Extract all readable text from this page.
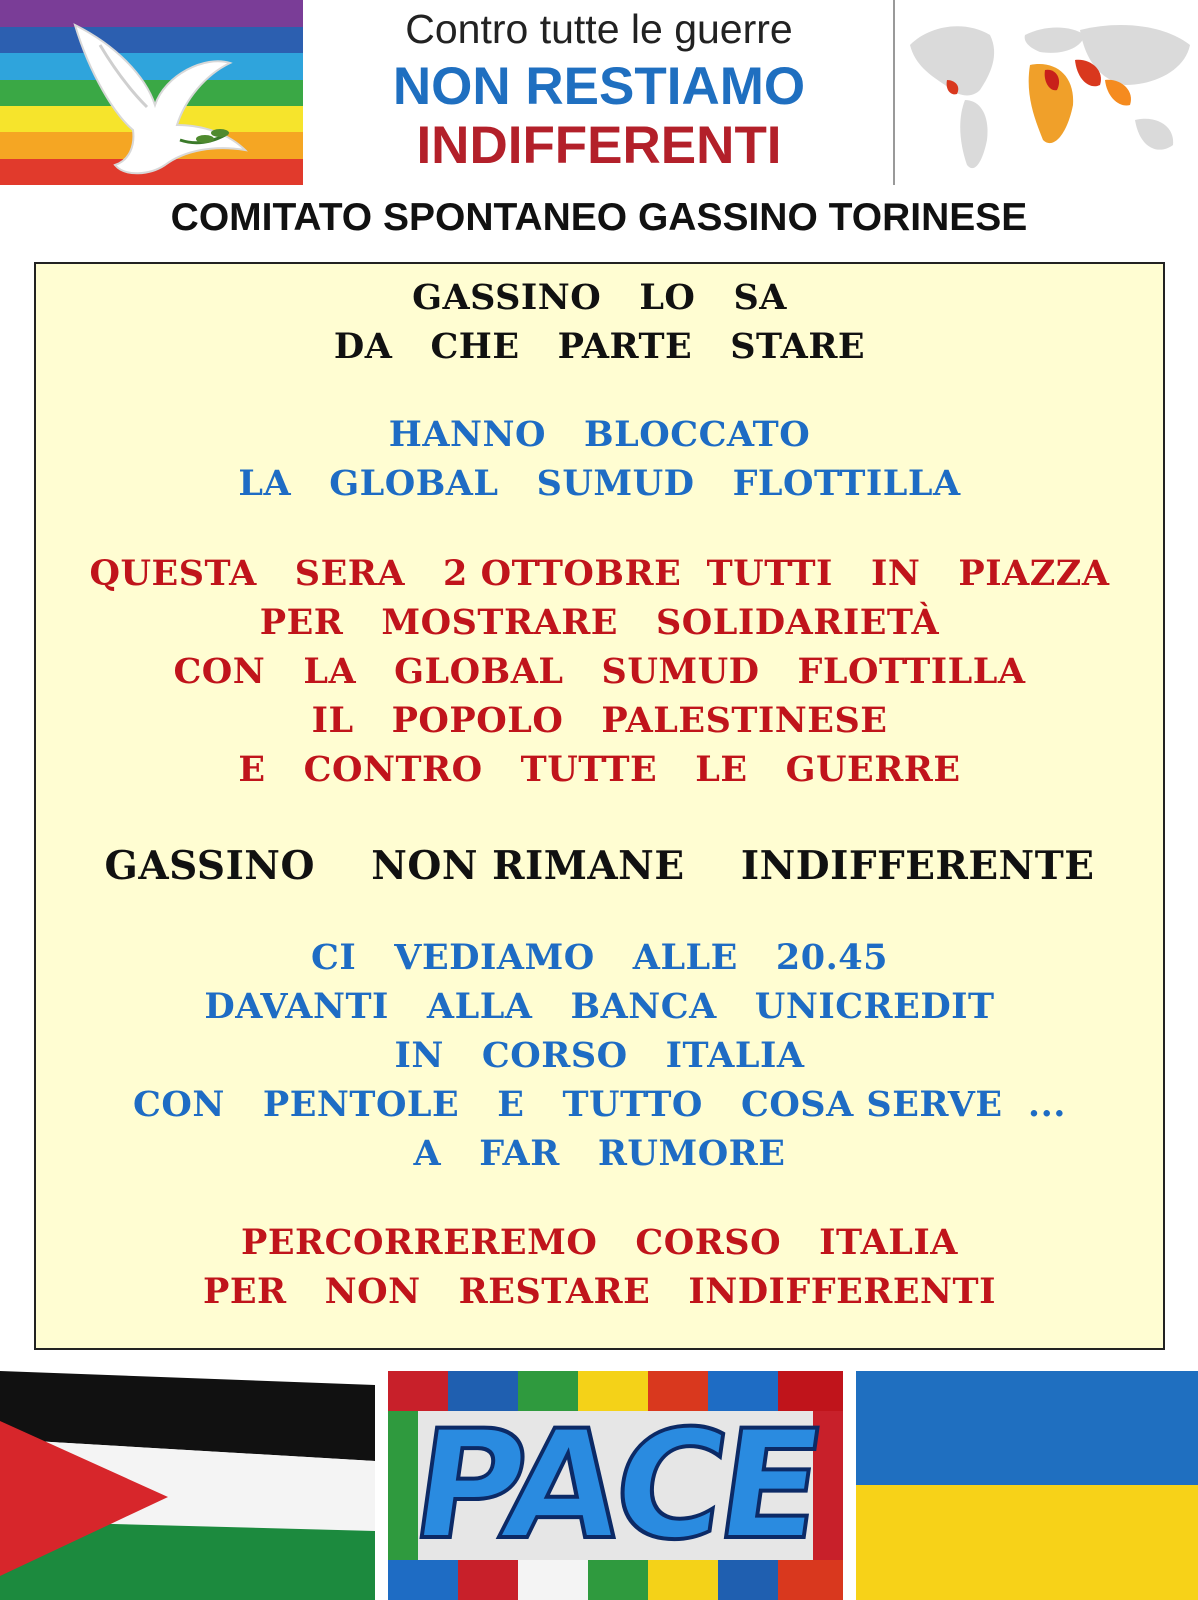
Contro tutte le guerre
NON RESTIAMO
INDIFFERENTI
COMITATO SPONTANEO GASSINO TORINESE
GASSINO   LO   SA
DA   CHE   PARTE   STARE
HANNO   BLOCCATO
LA   GLOBAL   SUMUD   FLOTTILLA
QUESTA   SERA   2 OTTOBRE  TUTTI   IN   PIAZZA
PER   MOSTRARE   SOLIDARIETÀ
CON   LA   GLOBAL   SUMUD   FLOTTILLA
IL   POPOLO   PALESTINESE
E   CONTRO   TUTTE   LE   GUERRE
GASSINO    NON RIMANE    INDIFFERENTE
CI   VEDIAMO   ALLE   20.45
DAVANTI   ALLA   BANCA   UNICREDIT
IN   CORSO   ITALIA
CON   PENTOLE   E   TUTTO   COSA SERVE  ...
A   FAR   RUMORE
PERCORREREMO   CORSO   ITALIA
PER   NON   RESTARE   INDIFFERENTI
PACE
